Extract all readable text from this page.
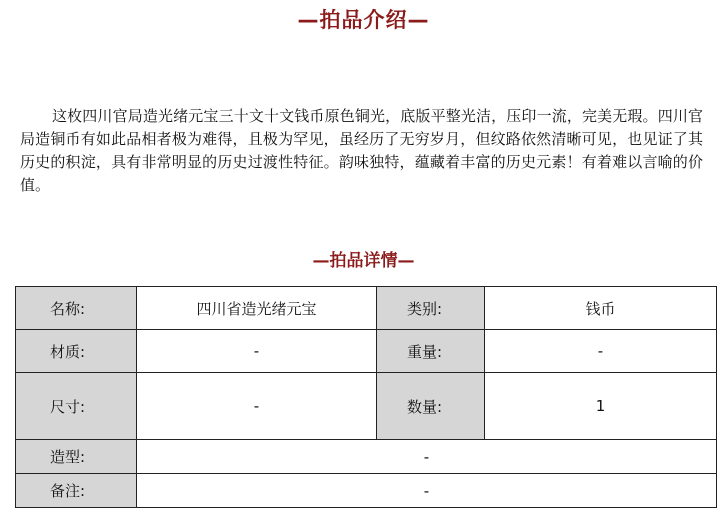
—拍品介绍—

这枚四川官局造光绪元宝三十文十文钱币原色铜光，底版平整光洁，压印一流，完美无瑕。四川官局造铜币有如此品相者极为难得，且极为罕见，虽经历了无穷岁月，但纹路依然清晰可见，也见证了其历史的积淀，具有非常明显的历史过渡性特征。韵味独特，蕴藏着丰富的历史元素！有着难以言喻的价值。

—拍品详情—
名称:	四川省造光绪元宝	类别:	钱币
材质:	-	重量:	-
尺寸:	-	数量:	1
造型:	-		
备注:	-		
